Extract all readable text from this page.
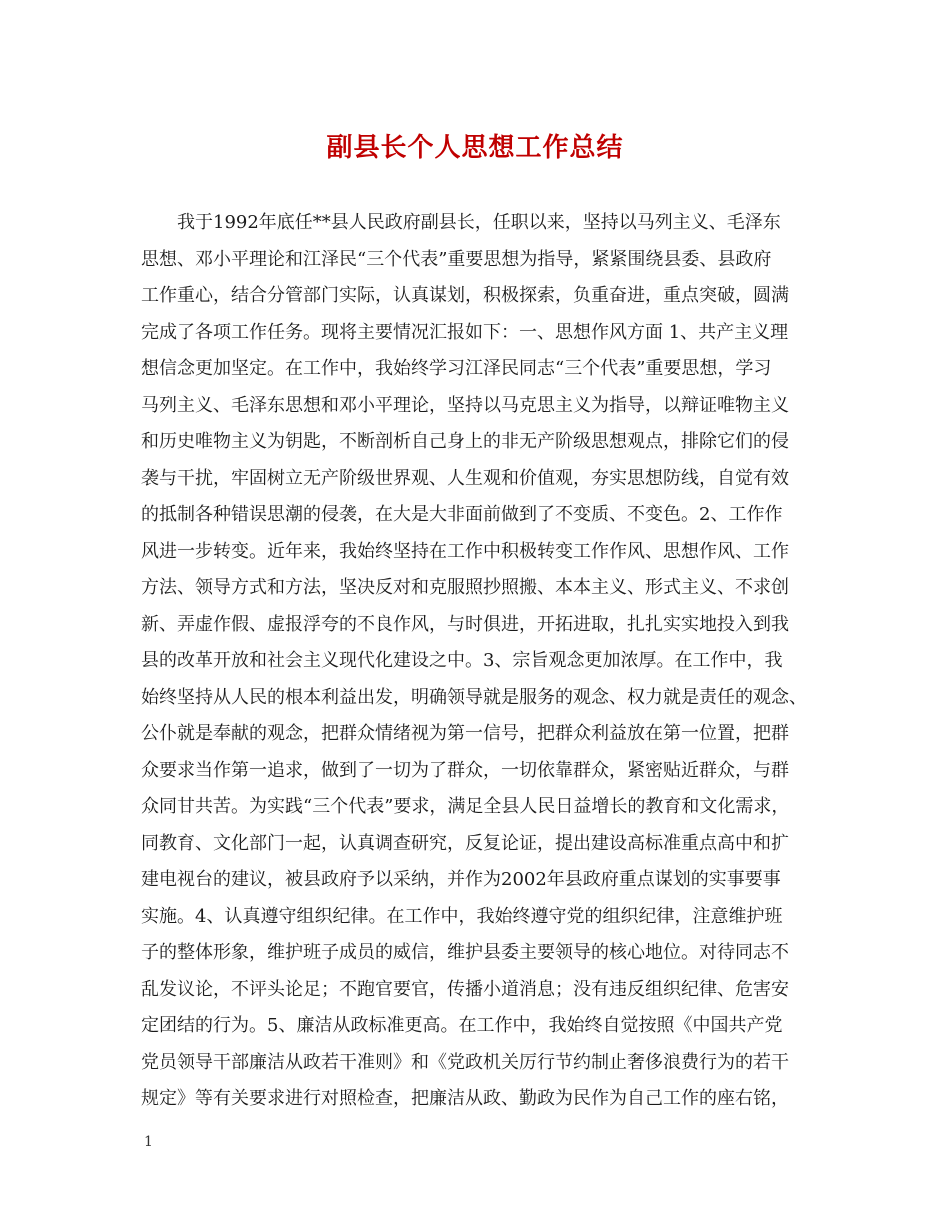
副县长个人思想工作总结
我于1992年底任**县人民政府副县长，任职以来，坚持以马列主义、毛泽东
思想、邓小平理论和江泽民“三个代表”重要思想为指导，紧紧围绕县委、县政府
工作重心，结合分管部门实际，认真谋划，积极探索，负重奋进，重点突破，圆满
完成了各项工作任务。现将主要情况汇报如下：一、思想作风方面 1、共产主义理
想信念更加坚定。在工作中，我始终学习江泽民同志“三个代表”重要思想，学习
马列主义、毛泽东思想和邓小平理论，坚持以马克思主义为指导，以辩证唯物主义
和历史唯物主义为钥匙，不断剖析自己身上的非无产阶级思想观点，排除它们的侵
袭与干扰，牢固树立无产阶级世界观、人生观和价值观，夯实思想防线，自觉有效
的抵制各种错误思潮的侵袭，在大是大非面前做到了不变质、不变色。2、工作作
风进一步转变。近年来，我始终坚持在工作中积极转变工作作风、思想作风、工作
方法、领导方式和方法，坚决反对和克服照抄照搬、本本主义、形式主义、不求创
新、弄虚作假、虚报浮夸的不良作风，与时俱进，开拓进取，扎扎实实地投入到我
县的改革开放和社会主义现代化建设之中。3、宗旨观念更加浓厚。在工作中，我
始终坚持从人民的根本利益出发，明确领导就是服务的观念、权力就是责任的观念、
公仆就是奉献的观念，把群众情绪视为第一信号，把群众利益放在第一位置，把群
众要求当作第一追求，做到了一切为了群众，一切依靠群众，紧密贴近群众，与群
众同甘共苦。为实践“三个代表”要求，满足全县人民日益增长的教育和文化需求，
同教育、文化部门一起，认真调查研究，反复论证，提出建设高标准重点高中和扩
建电视台的建议，被县政府予以采纳，并作为2002年县政府重点谋划的实事要事
实施。4、认真遵守组织纪律。在工作中，我始终遵守党的组织纪律，注意维护班
子的整体形象，维护班子成员的威信，维护县委主要领导的核心地位。对待同志不
乱发议论，不评头论足；不跑官要官，传播小道消息；没有违反组织纪律、危害安
定团结的行为。5、廉洁从政标准更高。在工作中，我始终自觉按照《中国共产党
党员领导干部廉洁从政若干准则》和《党政机关厉行节约制止奢侈浪费行为的若干
规定》等有关要求进行对照检查，把廉洁从政、勤政为民作为自己工作的座右铭，
1
